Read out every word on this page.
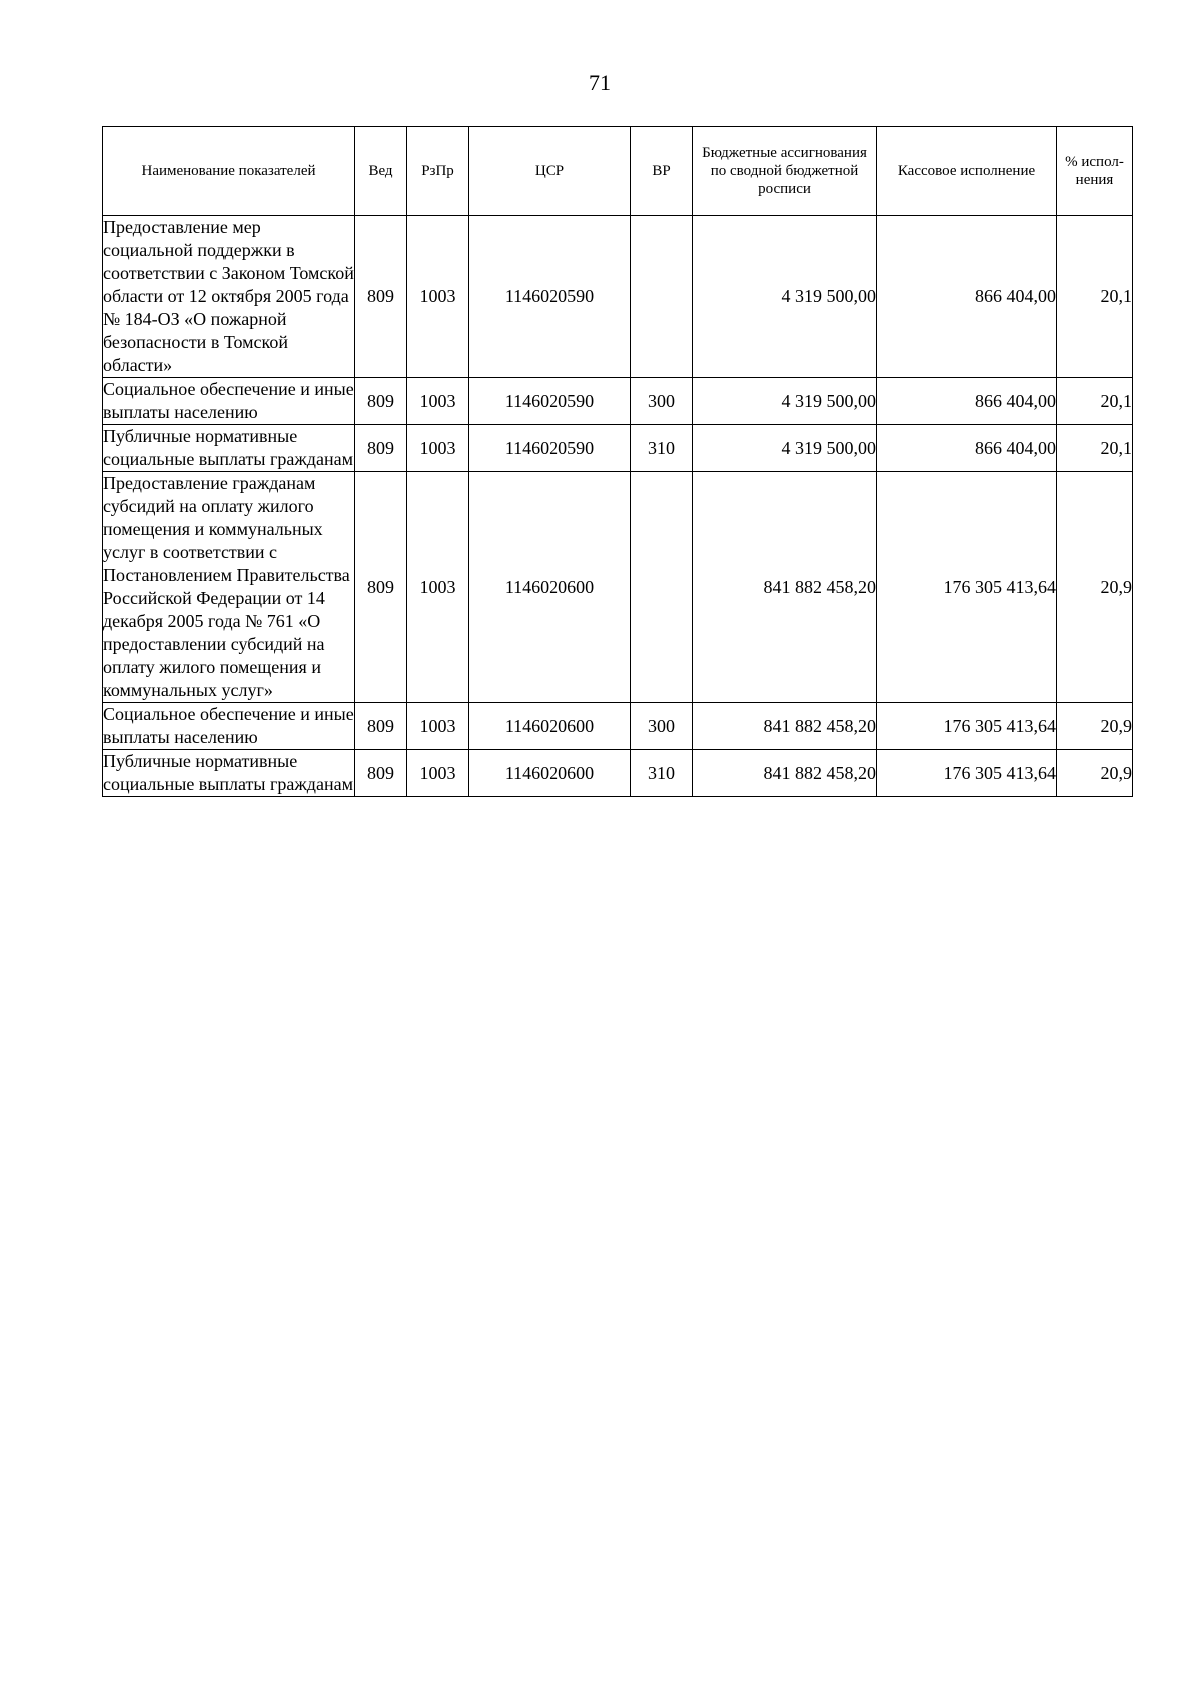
71
Наименование показателей	Вед	РзПр	ЦСР	ВР	Бюджетные ассигнования по сводной бюджетной росписи	Кассовое исполнение	% испол-нения
Предоставление мер социальной поддержки в соответствии с Законом Томской области от 12 октября 2005 года № 184-ОЗ «О пожарной безопасности в Томской области»	809	1003	1146020590		4 319 500,00	866 404,00	20,1
Социальное обеспечение и иные выплаты населению	809	1003	1146020590	300	4 319 500,00	866 404,00	20,1
Публичные нормативные социальные выплаты гражданам	809	1003	1146020590	310	4 319 500,00	866 404,00	20,1
Предоставление гражданам субсидий на оплату жилого помещения и коммунальных услуг в соответствии с Постановлением Правительства Российской Федерации от 14 декабря 2005 года № 761 «О предоставлении субсидий на оплату жилого помещения и коммунальных услуг»	809	1003	1146020600		841 882 458,20	176 305 413,64	20,9
Социальное обеспечение и иные выплаты населению	809	1003	1146020600	300	841 882 458,20	176 305 413,64	20,9
Публичные нормативные социальные выплаты гражданам	809	1003	1146020600	310	841 882 458,20	176 305 413,64	20,9
